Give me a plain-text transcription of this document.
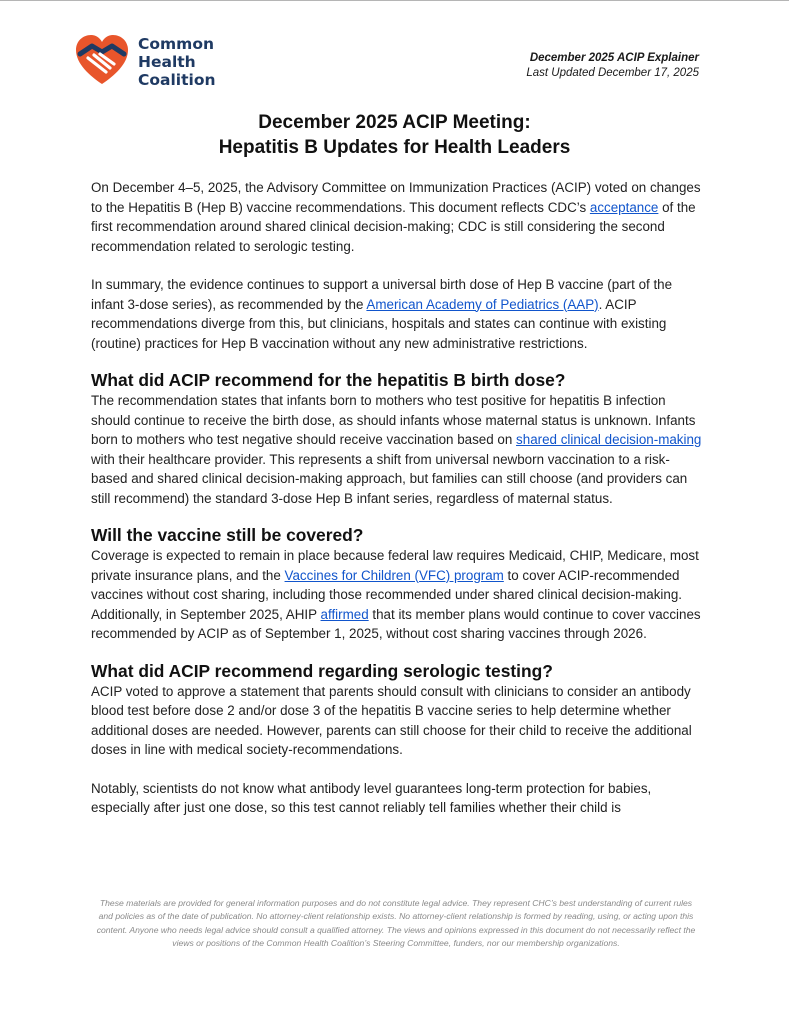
Common
Health
Coalition
December 2025 ACIP Explainer
Last Updated December 17, 2025
December 2025 ACIP Meeting:
Hepatitis B Updates for Health Leaders

On December 4–5, 2025, the Advisory Committee on Immunization Practices (ACIP) voted on changes to the Hepatitis B (Hep B) vaccine recommendations. This document reflects CDC’s acceptance of the first recommendation around shared clinical decision-making; CDC is still considering the second recommendation related to serologic testing.

In summary, the evidence continues to support a universal birth dose of Hep B vaccine (part of the infant 3-dose series), as recommended by the American Academy of Pediatrics (AAP). ACIP recommendations diverge from this, but clinicians, hospitals and states can continue with existing (routine) practices for Hep B vaccination without any new administrative restrictions.

What did ACIP recommend for the hepatitis B birth dose?

The recommendation states that infants born to mothers who test positive for hepatitis B infection should continue to receive the birth dose, as should infants whose maternal status is unknown. Infants born to mothers who test negative should receive vaccination based on shared clinical decision-making with their healthcare provider. This represents a shift from universal newborn vaccination to a risk-based and shared clinical decision-making approach, but families can still choose (and providers can still recommend) the standard 3-dose Hep B infant series, regardless of maternal status.

Will the vaccine still be covered?

Coverage is expected to remain in place because federal law requires Medicaid, CHIP, Medicare, most private insurance plans, and the Vaccines for Children (VFC) program to cover ACIP-recommended vaccines without cost sharing, including those recommended under shared clinical decision-making. Additionally, in September 2025, AHIP affirmed that its member plans would continue to cover vaccines recommended by ACIP as of September 1, 2025, without cost sharing vaccines through 2026.

What did ACIP recommend regarding serologic testing?

ACIP voted to approve a statement that parents should consult with clinicians to consider an antibody blood test before dose 2 and/or dose 3 of the hepatitis B vaccine series to help determine whether additional doses are needed. However, parents can still choose for their child to receive the additional doses in line with medical society-recommendations.

Notably, scientists do not know what antibody level guarantees long-term protection for babies, especially after just one dose, so this test cannot reliably tell families whether their child is

These materials are provided for general information purposes and do not constitute legal advice. They represent CHC’s best understanding of current rules and policies as of the date of publication. No attorney-client relationship exists. No attorney-client relationship is formed by reading, using, or acting upon this content. Anyone who needs legal advice should consult a qualified attorney. The views and opinions expressed in this document do not necessarily reflect the views or positions of the Common Health Coalition’s Steering Committee, funders, nor our membership organizations.
